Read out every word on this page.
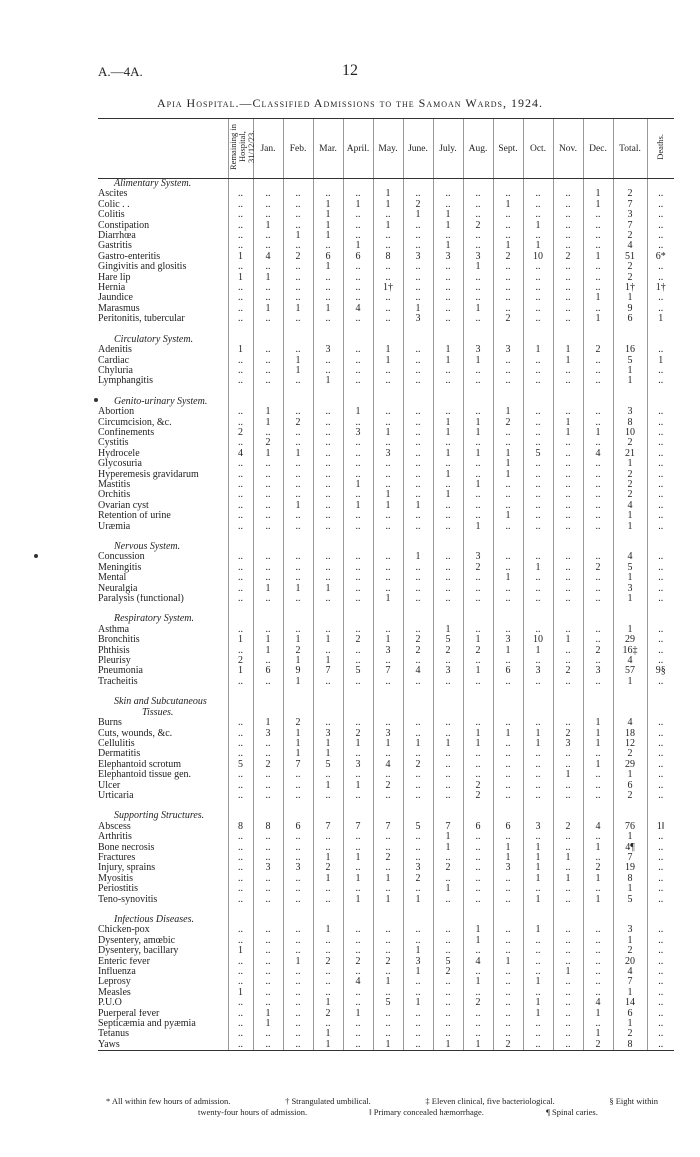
A.—4A.	12
Apia Hospital.—Classified Admissions to the Samoan Wards, 1924.
	Remaining in Hospital, 31/12/23.	Jan.	Feb.	Mar.	April.	May.	June.	July.	Aug.	Sept.	Oct.	Nov.	Dec.	Total.	Deaths.
Alimentary System.															
Ascites	..	..	..	..	..	1	..	..	..	..	..	..	1	2	..
Colic . .	..	..	..	1	1	1	2	..	..	1	..	..	1	7	..
Colitis	..	..	..	1	..	..	1	1	..	..	..	..	..	3	..
Constipation	..	1	..	1	..	1	..	1	2	..	1	..	..	7	..
Diarrhœa	..	..	1	1	..	..	..	..	..	..	..	..	..	2	..
Gastritis	..	..	..	..	1	..	..	1	..	1	1	..	..	4	..
Gastro-enteritis	1	4	2	6	6	8	3	3	3	2	10	2	1	51	6*
Gingivitis and glositis	..	..	..	1	..	..	..	..	1	..	..	..	..	2	..
Hare lip	1	1	..	..	..	..	..	..	..	..	..	..	..	2	..
Hernia	..	..	..	..	..	1†	..	..	..	..	..	..	..	1†	1†
Jaundice	..	..	..	..	..	..	..	..	..	..	..	..	1	1	..
Marasmus	..	1	1	1	4	..	1	..	1	..	..	..	..	9	..
Peritonitis, tubercular	..	..	..	..	..	..	3	..	..	2	..	..	1	6	1

Circulatory System.															
Adenitis	1	..	..	3	..	1	..	1	3	3	1	1	2	16	..
Cardiac	..	..	1	..	..	1	..	1	1	..	..	1	..	5	1
Chyluria	..	..	1	..	..	..	..	..	..	..	..	..	..	1	..
Lymphangitis	..	..	..	1	..	..	..	..	..	..	..	..	..	1	..

Genito-urinary System.															
Abortion	..	1	..	..	1	..	..	..	..	1	..	..	..	3	..
Circumcision, &c.	..	1	2	..	..	..	..	1	1	2	..	1	..	8	..
Confinements	2	..	..	..	3	1	..	1	1	..	..	1	1	10	..
Cystitis	..	2	..	..	..	..	..	..	..	..	..	..	..	2	..
Hydrocele	4	1	1	..	..	3	..	1	1	1	5	..	4	21	..
Glycosuria	..	..	..	..	..	..	..	..	..	1	..	..	..	1	..
Hyperemesis gravidarum	..	..	..	..	..	..	..	1	..	1	..	..	..	2	..
Mastitis	..	..	..	..	1	..	..	..	1	..	..	..	..	2	..
Orchitis	..	..	..	..	..	1	..	1	..	..	..	..	..	2	..
Ovarian cyst	..	..	1	..	1	1	1	..	..	..	..	..	..	4	..
Retention of urine	..	..	..	..	..	..	..	..	..	1	..	..	..	1	..
Uræmia	..	..	..	..	..	..	..	..	1	..	..	..	..	1	..

Nervous System.															
Concussion	..	..	..	..	..	..	1	..	3	..	..	..	..	4	..
Meningitis	..	..	..	..	..	..	..	..	2	..	1	..	2	5	..
Mental	..	..	..	..	..	..	..	..	..	1	..	..	..	1	..
Neuralgia	..	1	1	1	..	..	..	..	..	..	..	..	..	3	..
Paralysis (functional)	..	..	..	..	..	1	..	..	..	..	..	..	..	1	..

Respiratory System.															
Asthma	..	..	..	..	..	..	..	1	..	..	..	..	..	1	..
Bronchitis	1	1	1	1	2	1	2	5	1	3	10	1	..	29	..
Phthisis	..	1	2	..	..	3	2	2	2	1	1	..	2	16‡	..
Pleurisy	2	..	1	1	..	..	..	..	..	..	..	..	..	4	..
Pneumonia	1	6	9	7	5	7	4	3	1	6	3	2	3	57	9§
Tracheitis	..	..	1	..	..	..	..	..	..	..	..	..	..	1	..

Skin and Subcutaneous															
Tissues.															
Burns	..	1	2	..	..	..	..	..	..	..	..	..	1	4	..
Cuts, wounds, &c.	..	3	1	3	2	3	..	..	1	1	1	2	1	18	..
Cellulitis	..	..	1	1	1	1	1	1	1	..	1	3	1	12	..
Dermatitis	..	..	1	1	..	..	..	..	..	..	..	..	..	2	..
Elephantoid scrotum	5	2	7	5	3	4	2	..	..	..	..	..	1	29	..
Elephantoid tissue gen.	..	..	..	..	..	..	..	..	..	..	..	1	..	1	..
Ulcer	..	..	..	1	1	2	..	..	2	..	..	..	..	6	..
Urticaria	..	..	..	..	..	..	..	..	2	..	..	..	..	2	..

Supporting Structures.															
Abscess	8	8	6	7	7	7	5	7	6	6	3	2	4	76	1‖
Arthritis	..	..	..	..	..	..	..	1	..	..	..	..	..	1	..
Bone necrosis	..	..	..	..	..	..	..	1	..	1	1	..	1	4¶	..
Fractures	..	..	..	1	1	2	..	..	..	1	1	1	..	7	..
Injury, sprains	..	3	3	2	..	..	3	2	..	3	1	..	2	19	..
Myositis	..	..	..	1	1	1	2	..	..	..	1	1	1	8	..
Periostitis	..	..	..	..	..	..	..	1	..	..	..	..	..	1	..
Teno-synovitis	..	..	..	..	1	1	1	..	..	..	1	..	1	5	..

Infectious Diseases.															
Chicken-pox	..	..	..	1	..	..	..	..	1	..	1	..	..	3	..
Dysentery, amœbic	..	..	..	..	..	..	..	..	1	..	..	..	..	1	..
Dysentery, bacillary	1	..	..	..	..	..	1	..	..	..	..	..	..	2	..
Enteric fever	..	..	1	2	2	2	3	5	4	1	..	..	..	20	..
Influenza	..	..	..	..	..	..	1	2	..	..	..	1	..	4	..
Leprosy	..	..	..	..	4	1	..	..	1	..	1	..	..	7	..
Measles	1	..	..	..	..	..	..	..	..	..	..	..	..	1	..
P.U.O	..	..	..	1	..	5	1	..	2	..	1	..	4	14	..
Puerperal fever	..	1	..	2	1	..	..	..	..	..	1	..	1	6	..
Septicæmia and pyæmia	..	1	..	..	..	..	..	..	..	..	..	..	..	1	..
Tetanus	..	..	..	1	..	..	..	..	..	..	..	..	1	2	..
Yaws	..	..	..	1	..	1	..	1	1	2	..	..	2	8	..
* All within few hours of admission.	† Strangulated umbilical.	‡ Eleven clinical, five bacteriological.	§ Eight within
twenty-four hours of admission.	‖ Primary concealed hæmorrhage.	¶ Spinal caries.
